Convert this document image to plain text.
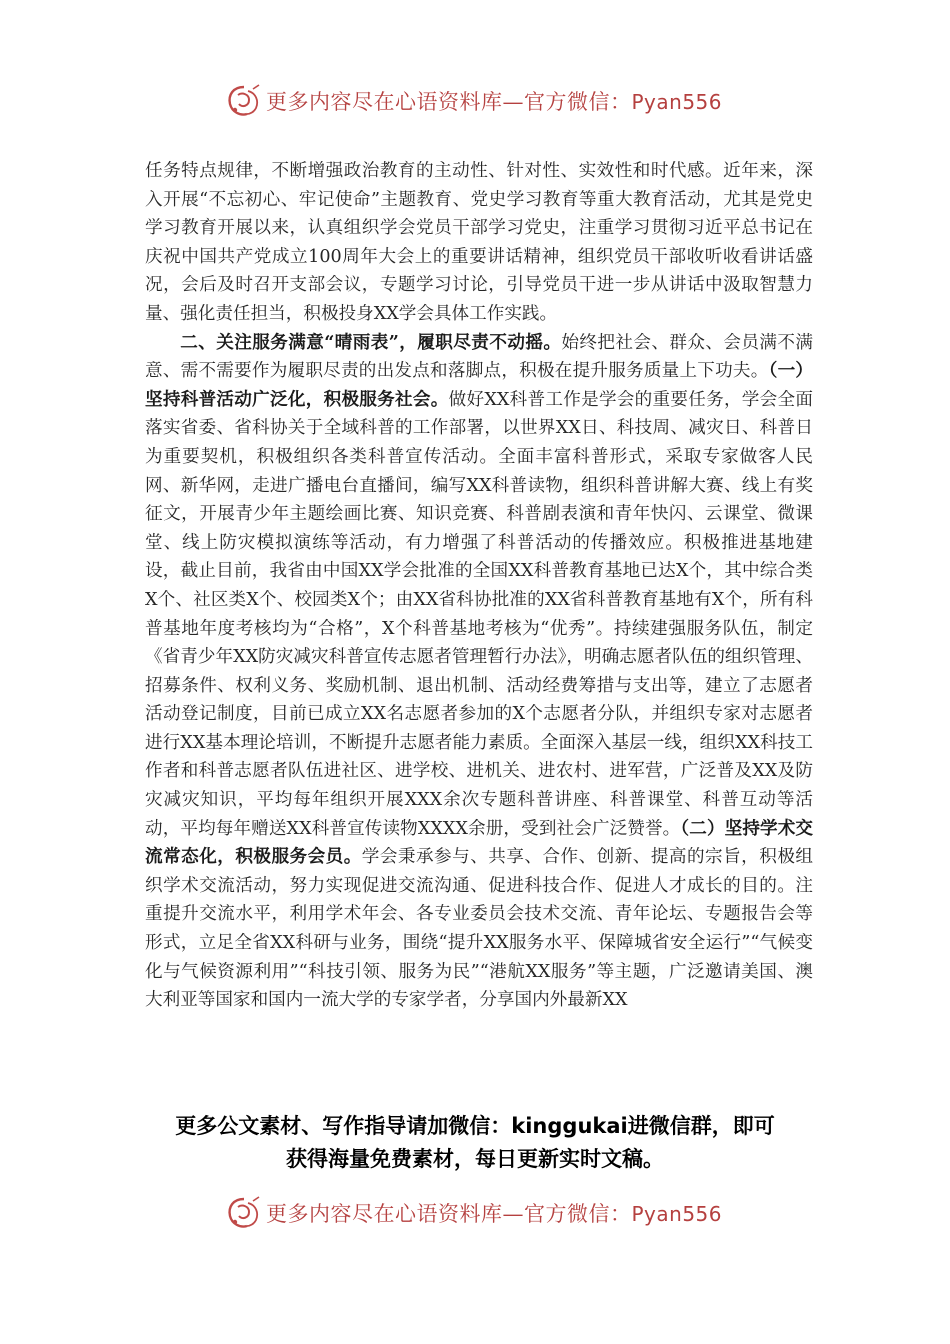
更多内容尽在心语资料库—官方微信：Pyan556

任务特点规律，不断增强政治教育的主动性、针对性、实效性和时代感。近年来，深入开展“不忘初心、牢记使命”主题教育、党史学习教育等重大教育活动，尤其是党史学习教育开展以来，认真组织学会党员干部学习党史，注重学习贯彻习近平总书记在庆祝中国共产党成立100周年大会上的重要讲话精神，组织党员干部收听收看讲话盛况，会后及时召开支部会议，专题学习讨论，引导党员干进一步从讲话中汲取智慧力量、强化责任担当，积极投身XX学会具体工作实践。

二、关注服务满意“晴雨表”，履职尽责不动摇。始终把社会、群众、会员满不满意、需不需要作为履职尽责的出发点和落脚点，积极在提升服务质量上下功夫。（一）坚持科普活动广泛化，积极服务社会。做好XX科普工作是学会的重要任务，学会全面落实省委、省科协关于全域科普的工作部署，以世界XX日、科技周、减灾日、科普日为重要契机，积极组织各类科普宣传活动。全面丰富科普形式，采取专家做客人民网、新华网，走进广播电台直播间，编写XX科普读物，组织科普讲解大赛、线上有奖征文，开展青少年主题绘画比赛、知识竞赛、科普剧表演和青年快闪、云课堂、微课堂、线上防灾模拟演练等活动，有力增强了科普活动的传播效应。积极推进基地建设，截止目前，我省由中国XX学会批准的全国XX科普教育基地已达X个，其中综合类X个、社区类X个、校园类X个；由XX省科协批准的XX省科普教育基地有X个，所有科普基地年度考核均为“合格”，X个科普基地考核为“优秀”。持续建强服务队伍，制定《省青少年XX防灾减灾科普宣传志愿者管理暂行办法》，明确志愿者队伍的组织管理、招募条件、权利义务、奖励机制、退出机制、活动经费筹措与支出等，建立了志愿者活动登记制度，目前已成立XX名志愿者参加的X个志愿者分队，并组织专家对志愿者进行XX基本理论培训，不断提升志愿者能力素质。全面深入基层一线，组织XX科技工作者和科普志愿者队伍进社区、进学校、进机关、进农村、进军营，广泛普及XX及防灾减灾知识，平均每年组织开展XXX余次专题科普讲座、科普课堂、科普互动等活动，平均每年赠送XX科普宣传读物XXXX余册，受到社会广泛赞誉。（二）坚持学术交流常态化，积极服务会员。学会秉承参与、共享、合作、创新、提高的宗旨，积极组织学术交流活动，努力实现促进交流沟通、促进科技合作、促进人才成长的目的。注重提升交流水平，利用学术年会、各专业委员会技术交流、青年论坛、专题报告会等形式，立足全省XX科研与业务，围绕“提升XX服务水平、保障城省安全运行”“气候变化与气候资源利用”“科技引领、服务为民”“港航XX服务”等主题，广泛邀请美国、澳大利亚等国家和国内一流大学的专家学者，分享国内外最新XX

更多公文素材、写作指导请加微信：kinggukai进微信群，即可
获得海量免费素材，每日更新实时文稿。
更多内容尽在心语资料库—官方微信：Pyan556
